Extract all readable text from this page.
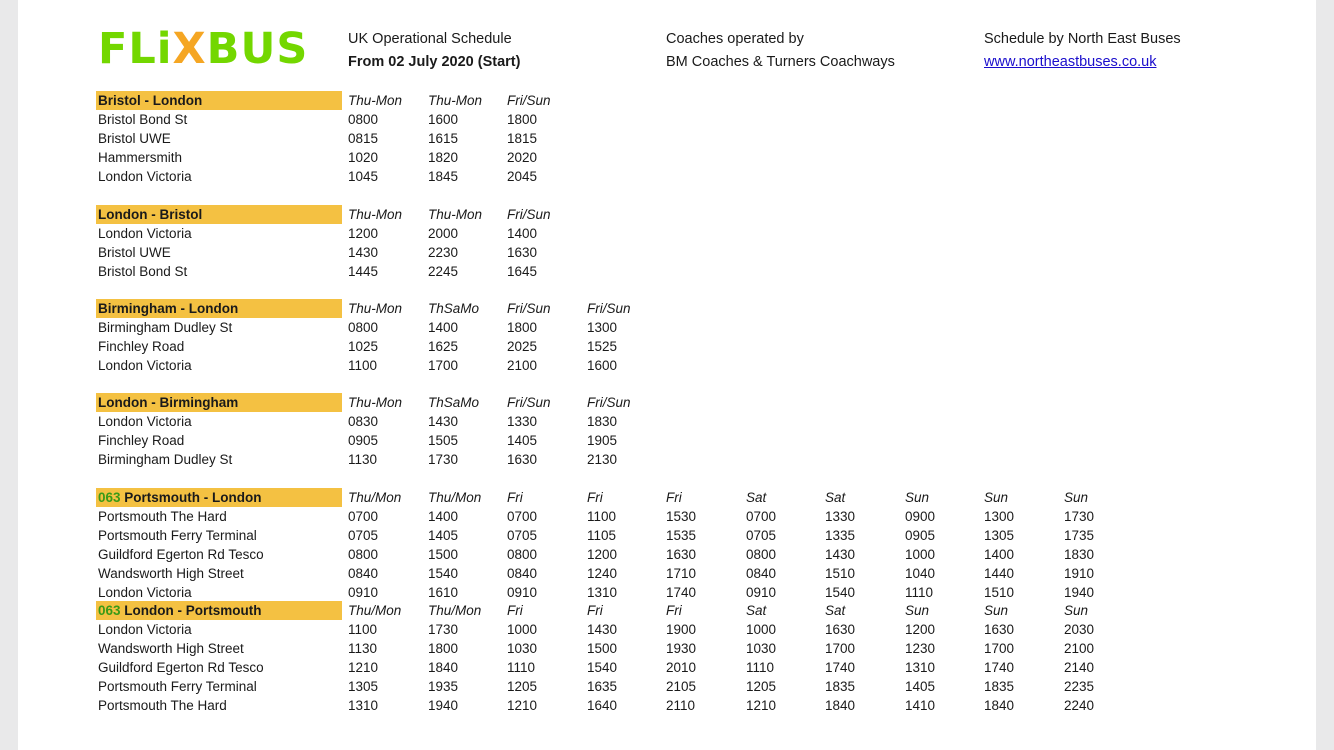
FLiXBUS	UK Operational Schedule
From 02 July 2020 (Start)
Coaches operated by
BM Coaches & Turners Coachways
Schedule by North East Buses
www.northeastbuses.co.uk
Bristol - London	Thu-Mon Thu-Mon Fri/Sun
Bristol Bond St	0800	1600	1800
Bristol UWE	0815	1615	1815
Hammersmith	1020	1820	2020
London Victoria	1045	1845	2045
London - Bristol	Thu-Mon Thu-Mon Fri/Sun
London Victoria	1200	2000	1400
Bristol UWE	1430	2230	1630
Bristol Bond St	1445	2245	1645
Birmingham - London	Thu-Mon ThSaMo Fri/Sun	Fri/Sun
Birmingham Dudley St	0800	1400	1800	1300
Finchley Road	1025	1625	2025	1525
London Victoria	1100	1700	2100	1600
London - Birmingham	Thu-Mon ThSaMo Fri/Sun	Fri/Sun
London Victoria	0830	1430	1330	1830
Finchley Road	0905	1505	1405	1905
Birmingham Dudley St	1130	1730	1630	2130
063 Portsmouth - London	Thu/Mon Thu/Mon Fri	Fri	Fri	Sat	Sat	Sun	Sun	Sun
Portsmouth The Hard	0700	1400	0700	1100	1530	0700	1330	0900	1300	1730
Portsmouth Ferry Terminal	0705	1405	0705	1105	1535	0705	1335	0905	1305	1735
Guildford Egerton Rd Tesco	0800	1500	0800	1200	1630	0800	1430	1000	1400	1830
Wandsworth High Street	0840	1540	0840	1240	1710	0840	1510	1040	1440	1910
London Victoria	0910	1610	0910	1310	1740	0910	1540	1110	1510	1940
063 London - Portsmouth	Thu/Mon Thu/Mon Fri	Fri	Fri	Sat	Sat	Sun	Sun	Sun
London Victoria	1100	1730	1000	1430	1900	1000	1630	1200	1630	2030
Wandsworth High Street	1130	1800	1030	1500	1930	1030	1700	1230	1700	2100
Guildford Egerton Rd Tesco	1210	1840	1110	1540	2010	1110	1740	1310	1740	2140
Portsmouth Ferry Terminal	1305	1935	1205	1635	2105	1205	1835	1405	1835	2235
Portsmouth The Hard	1310	1940	1210	1640	2110	1210	1840	1410	1840	2240
